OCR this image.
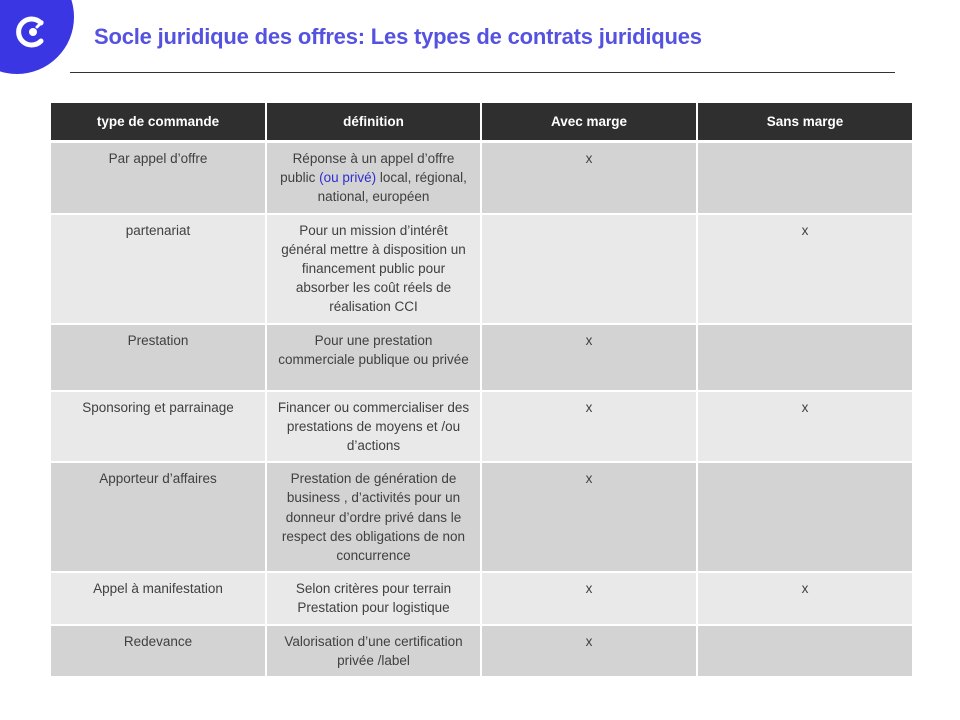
Socle juridique des offres: Les types de contrats juridiques
type de commande	définition	Avec marge	Sans marge
Par appel d’offre	Réponse à un appel d’offre public (ou privé) local, régional, national, européen	x	
partenariat	Pour un mission d’intérêt général mettre à disposition un financement public pour absorber les coût réels de réalisation CCI		x
Prestation	Pour une prestation commerciale publique ou privée	x	
Sponsoring et parrainage	Financer ou commercialiser des prestations de moyens et /ou d’actions	x	x
Apporteur d’affaires	Prestation de génération de business , d’activités pour un donneur d’ordre privé dans le respect des obligations de non concurrence	x	
Appel à manifestation	Selon critères pour terrain Prestation pour logistique	x	x
Redevance	Valorisation d’une certification privée /label	x	
